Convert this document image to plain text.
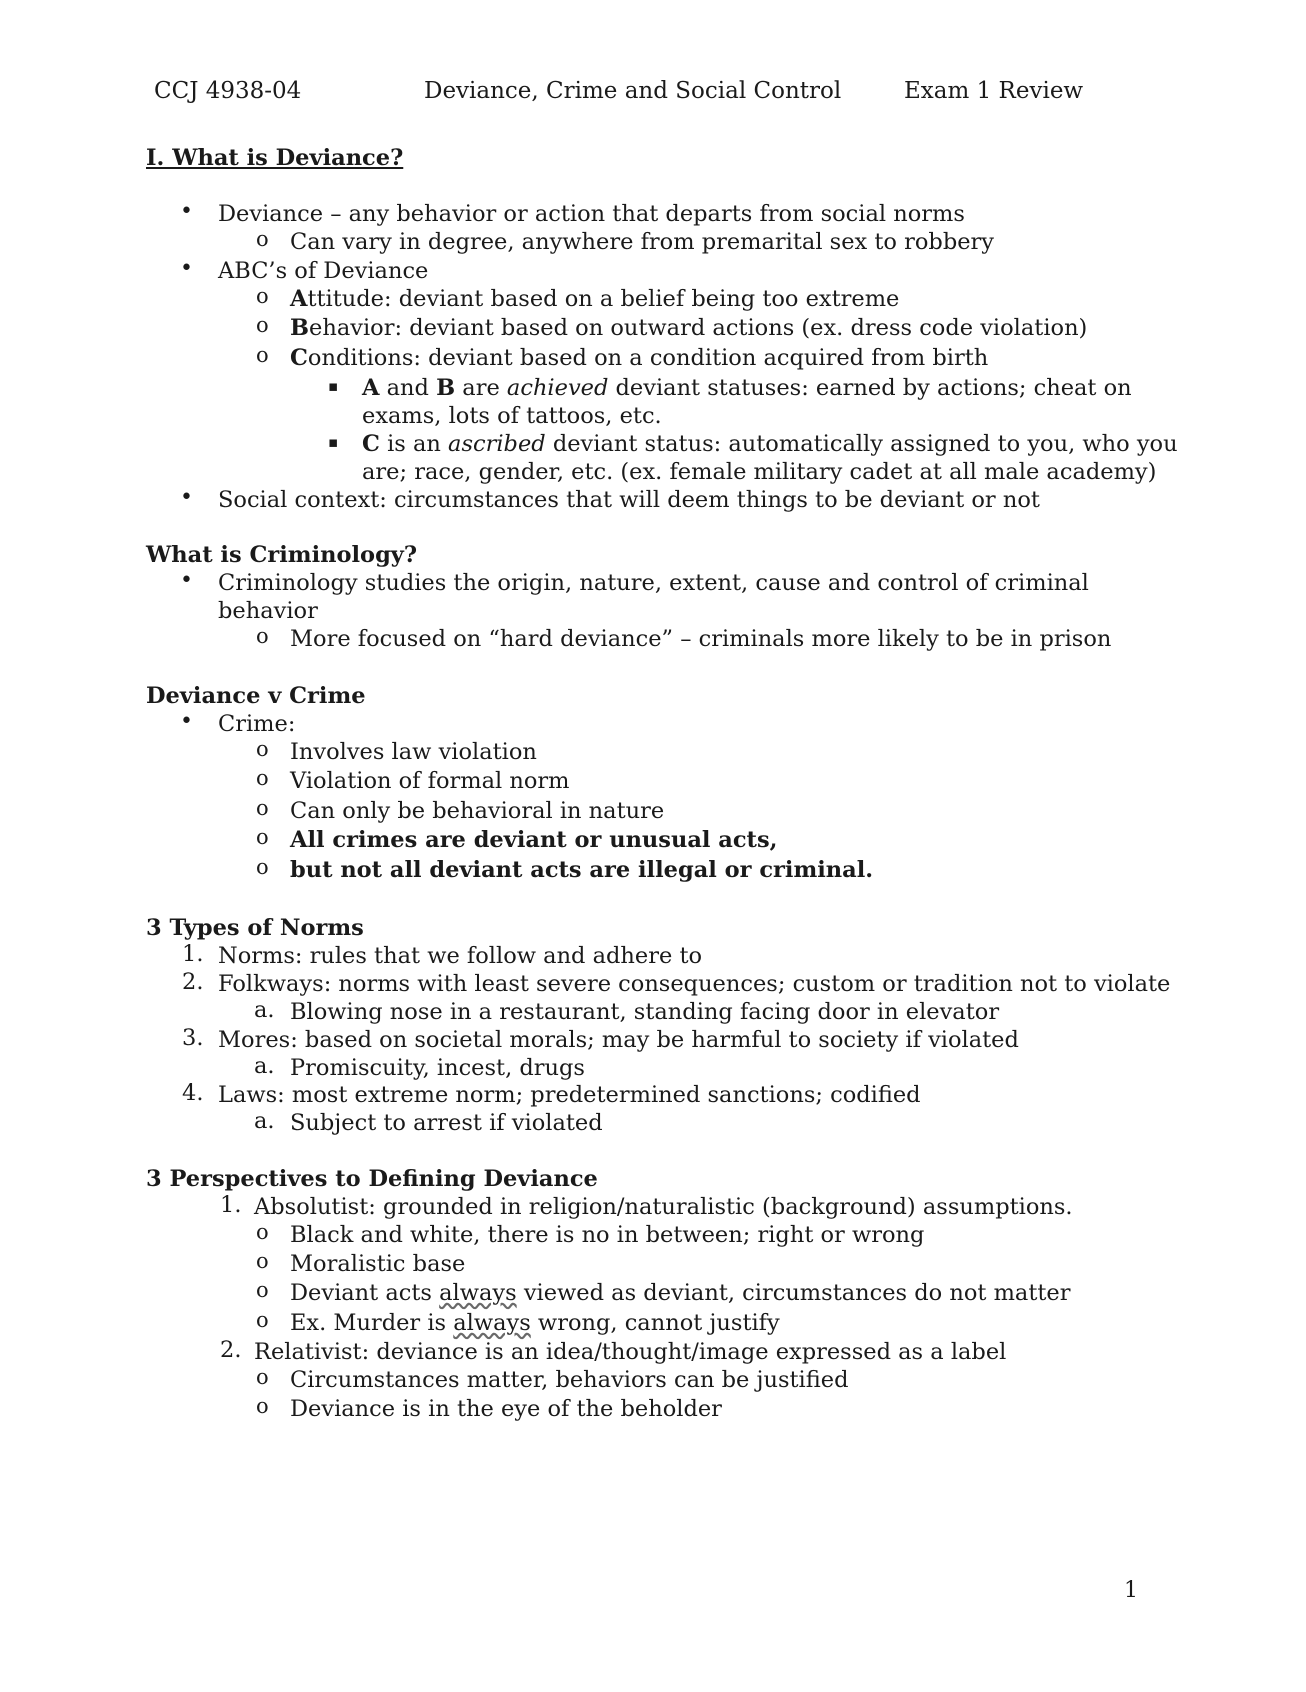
CCJ 4938-04	Deviance, Crime and Social Control	Exam 1 Review
I. What is Deviance?
• Deviance – any behavior or action that departs from social norms
o Can vary in degree, anywhere from premarital sex to robbery
• ABC’s of Deviance
o Attitude: deviant based on a belief being too extreme
o Behavior: deviant based on outward actions (ex. dress code violation)
o Conditions: deviant based on a condition acquired from birth
▪ A and B are achieved deviant statuses: earned by actions; cheat on
exams, lots of tattoos, etc.
▪ C is an ascribed deviant status: automatically assigned to you, who you
are; race, gender, etc. (ex. female military cadet at all male academy)
• Social context: circumstances that will deem things to be deviant or not
What is Criminology?
• Criminology studies the origin, nature, extent, cause and control of criminal
behavior
o More focused on “hard deviance” – criminals more likely to be in prison
Deviance v Crime
• Crime:
o Involves law violation
o Violation of formal norm
o Can only be behavioral in nature
o All crimes are deviant or unusual acts,
o but not all deviant acts are illegal or criminal.
3 Types of Norms
1. Norms: rules that we follow and adhere to
2. Folkways: norms with least severe consequences; custom or tradition not to violate
a. Blowing nose in a restaurant, standing facing door in elevator
3. Mores: based on societal morals; may be harmful to society if violated
a. Promiscuity, incest, drugs
4. Laws: most extreme norm; predetermined sanctions; codified
a. Subject to arrest if violated
3 Perspectives to Defining Deviance
1. Absolutist: grounded in religion/naturalistic (background) assumptions.
o Black and white, there is no in between; right or wrong
o Moralistic base
o Deviant acts always viewed as deviant, circumstances do not matter
o Ex. Murder is always wrong, cannot justify
2. Relativist: deviance is an idea/thought/image expressed as a label
o Circumstances matter, behaviors can be justified
o Deviance is in the eye of the beholder
1
